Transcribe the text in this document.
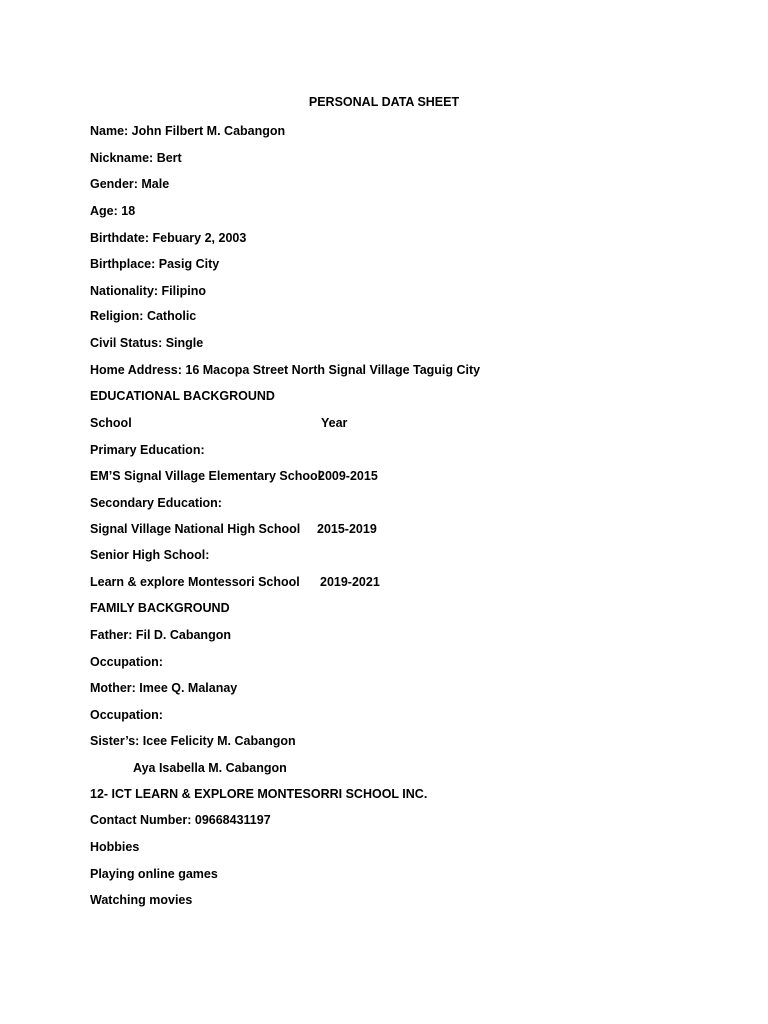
PERSONAL DATA SHEET
Name: John Filbert M. Cabangon
Nickname: Bert
Gender: Male
Age: 18
Birthdate: Febuary 2, 2003
Birthplace: Pasig City
Nationality: Filipino
Religion: Catholic
Civil Status: Single
Home Address: 16 Macopa Street North Signal Village Taguig City
EDUCATIONAL BACKGROUND
School	Year
Primary Education:
EM’S Signal Village Elementary School
2009-2015
Secondary Education:
Signal Village National High School 2015-2019
Senior High School:
Learn & explore Montessori School 2019-2021
FAMILY BACKGROUND
Father: Fil D. Cabangon
Occupation:
Mother: Imee Q. Malanay
Occupation:
Sister’s: Icee Felicity M. Cabangon
Aya Isabella M. Cabangon
12- ICT LEARN & EXPLORE MONTESORRI SCHOOL INC.
Contact Number: 09668431197
Hobbies
Playing online games
Watching movies
